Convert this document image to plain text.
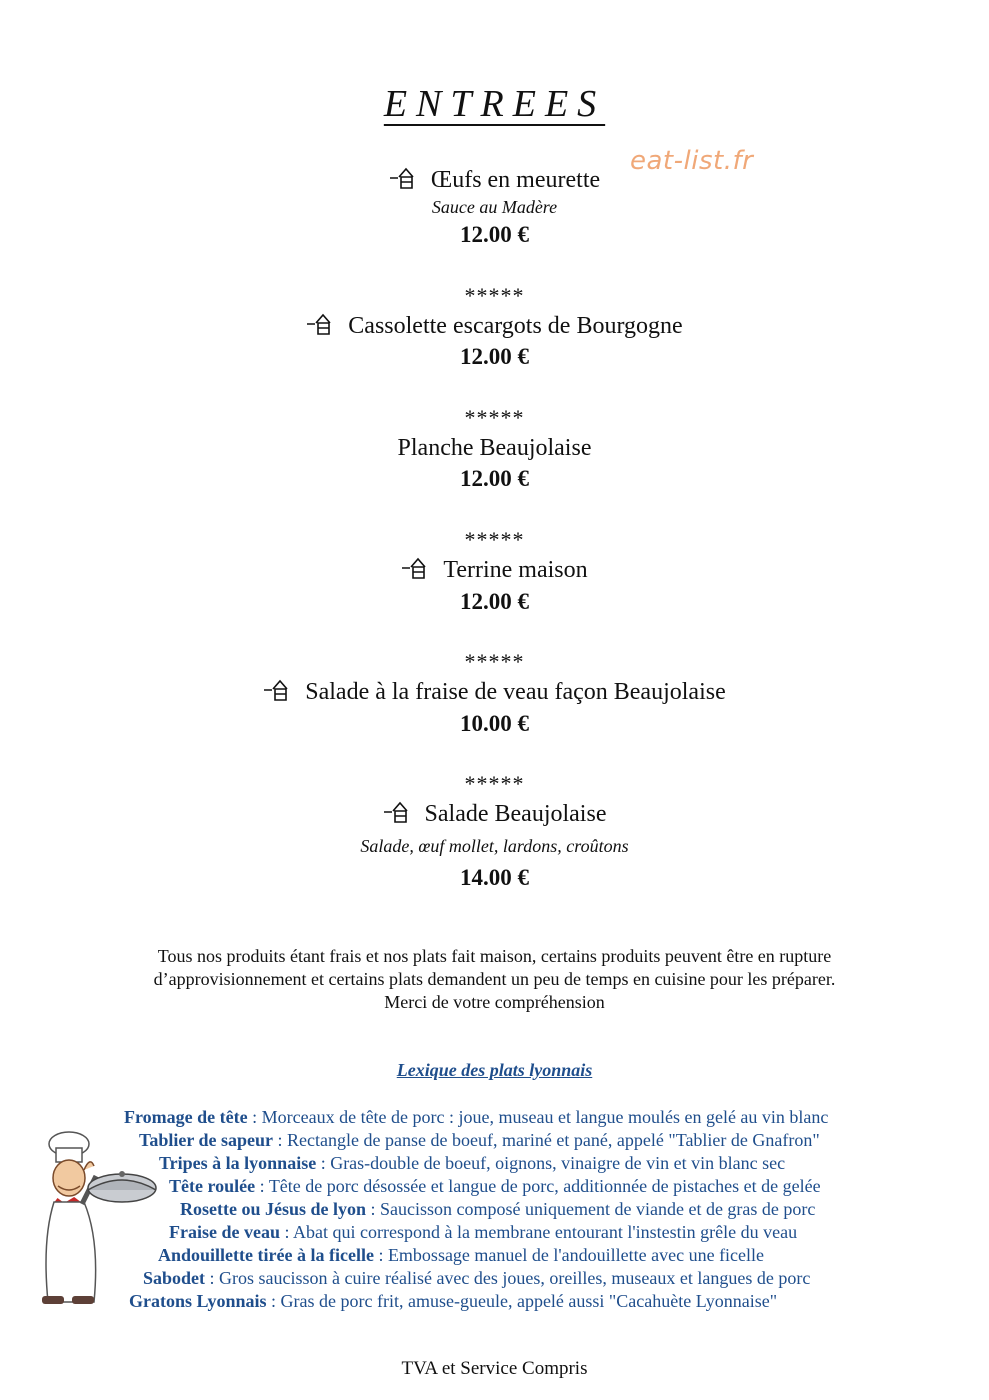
ENTREES
eat-list.fr
Œufs en meurette
Sauce au Madère
12.00 €
*****
Cassolette escargots de Bourgogne
12.00 €
*****
Planche Beaujolaise
12.00 €
*****
Terrine maison
12.00 €
*****
Salade à la fraise de veau façon Beaujolaise
10.00 €
*****
Salade Beaujolaise
Salade, œuf mollet, lardons, croûtons
14.00 €
Tous nos produits étant frais et nos plats fait maison, certains produits peuvent être en rupture
d’approvisionnement et certains plats demandent un peu de temps en cuisine pour les préparer.
Merci de votre compréhension
Lexique des plats lyonnais
Fromage de tête : Morceaux de tête de porc : joue, museau et langue moulés en gelé au vin blanc
Tablier de sapeur : Rectangle de panse de boeuf, mariné et pané, appelé "Tablier de Gnafron"
Tripes à la lyonnaise : Gras-double de boeuf, oignons, vinaigre de vin et vin blanc sec
Tête roulée : Tête de porc désossée et langue de porc, additionnée de pistaches et de gelée
Rosette ou Jésus de lyon : Saucisson composé uniquement de viande et de gras de porc
Fraise de veau : Abat qui correspond à la membrane entourant l'instestin grêle du veau
Andouillette tirée à la ficelle : Embossage manuel de l'andouillette avec une ficelle
Sabodet : Gros saucisson à cuire réalisé avec des joues, oreilles, museaux et langues de porc
Gratons Lyonnais : Gras de porc frit, amuse-gueule, appelé aussi "Cacahuète Lyonnaise"
TVA et Service Compris
